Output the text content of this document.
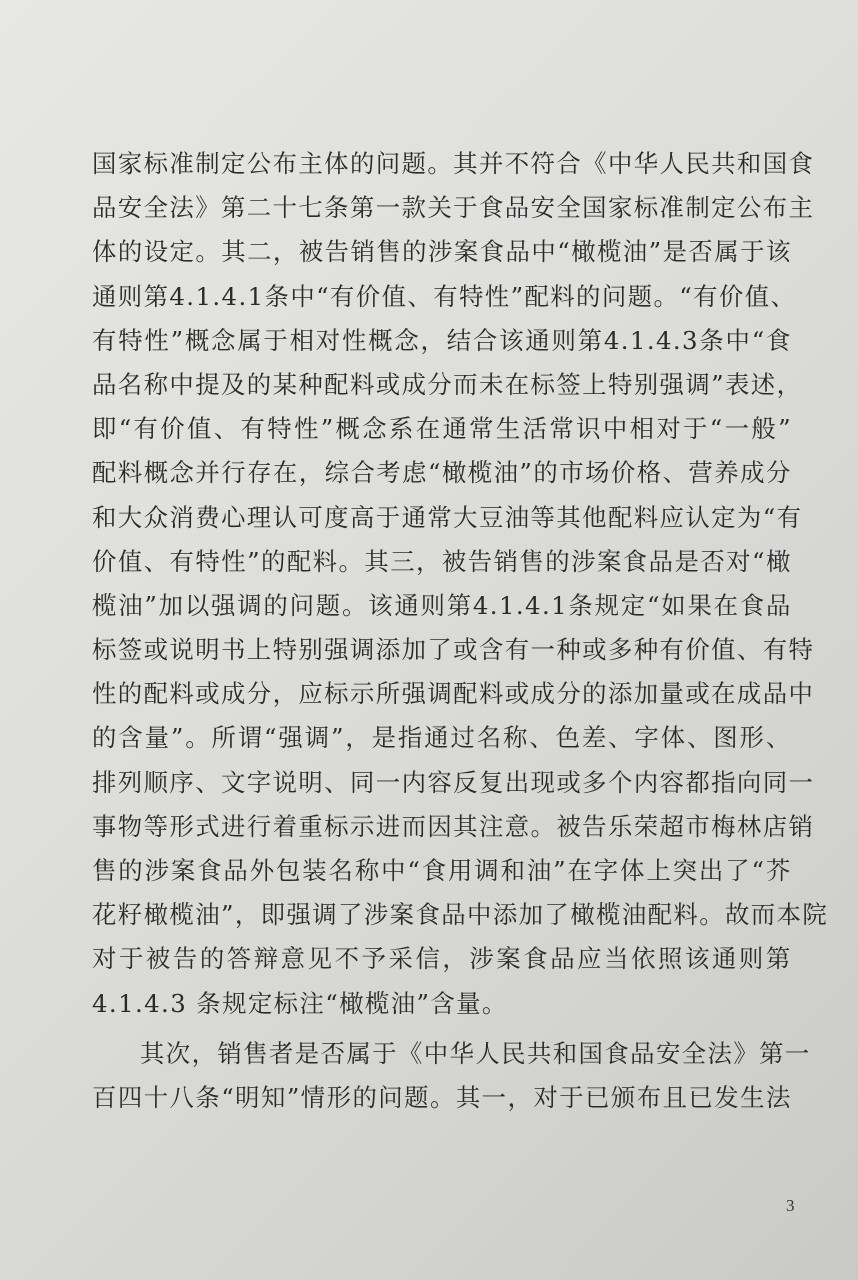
国 家 标 准 制 定 公 布 主 体 的 问 题 。 其 并 不 符 合 《 中 华 人 民 共 和 国 食
品 安 全 法 》 第 二 十 七 条 第 一 款 关 于 食 品 安 全 国 家 标 准 制 定 公 布 主
体 的 设 定 。 其 二 ， 被 告 销 售 的 涉 案 食 品 中 “ 橄 榄 油 ” 是 否 属 于 该
通 则 第 4.1.4.1 条 中 “ 有 价 值 、 有 特 性 ” 配 料 的 问 题 。 “ 有 价 值 、
有 特 性 ” 概 念 属 于 相 对 性 概 念 ， 结 合 该 通 则 第 4.1.4.3 条 中 “ 食
品 名 称 中 提 及 的 某 种 配 料 或 成 分 而 未 在 标 签 上 特 别 强 调 ” 表 述 ，
即 “ 有 价 值 、 有 特 性 ” 概 念 系 在 通 常 生 活 常 识 中 相 对 于 “ 一 般 ”
配 料 概 念 并 行 存 在 ， 综 合 考 虑 “ 橄 榄 油 ” 的 市 场 价 格 、 营 养 成 分
和 大 众 消 费 心 理 认 可 度 高 于 通 常 大 豆 油 等 其 他 配 料 应 认 定 为 “ 有
价 值 、 有 特 性 ” 的 配 料 。 其 三 ， 被 告 销 售 的 涉 案 食 品 是 否 对 “ 橄
榄 油 ” 加 以 强 调 的 问 题 。 该 通 则 第 4.1.4.1 条 规 定 “ 如 果 在 食 品
标 签 或 说 明 书 上 特 别 强 调 添 加 了 或 含 有 一 种 或 多 种 有 价 值 、 有 特
性 的 配 料 或 成 分 ， 应 标 示 所 强 调 配 料 或 成 分 的 添 加 量 或 在 成 品 中
的 含 量 ” 。 所 谓 “ 强 调 ” ， 是 指 通 过 名 称 、 色 差 、 字 体 、 图 形 、
排 列 顺 序 、 文 字 说 明 、 同 一 内 容 反 复 出 现 或 多 个 内 容 都 指 向 同 一
事 物 等 形 式 进 行 着 重 标 示 进 而 因 其 注 意 。 被 告 乐 荣 超 市 梅 林 店 销
售 的 涉 案 食 品 外 包 装 名 称 中 “ 食 用 调 和 油 ” 在 字 体 上 突 出 了 “ 芥
花 籽 橄 榄 油 ” ， 即 强 调 了 涉 案 食 品 中 添 加 了 橄 榄 油 配 料 。 故 而 本 院
对 于 被 告 的 答 辩 意 见 不 予 采 信 ， 涉 案 食 品 应 当 依 照 该 通 则 第
4.1.4.3 条规定标注“橄榄油”含量。
其 次 ， 销 售 者 是 否 属 于 《 中 华 人 民 共 和 国 食 品 安 全 法 》 第 一
百 四 十 八 条 “ 明 知 ” 情 形 的 问 题 。 其 一 ， 对 于 已 颁 布 且 已 发 生 法
3
